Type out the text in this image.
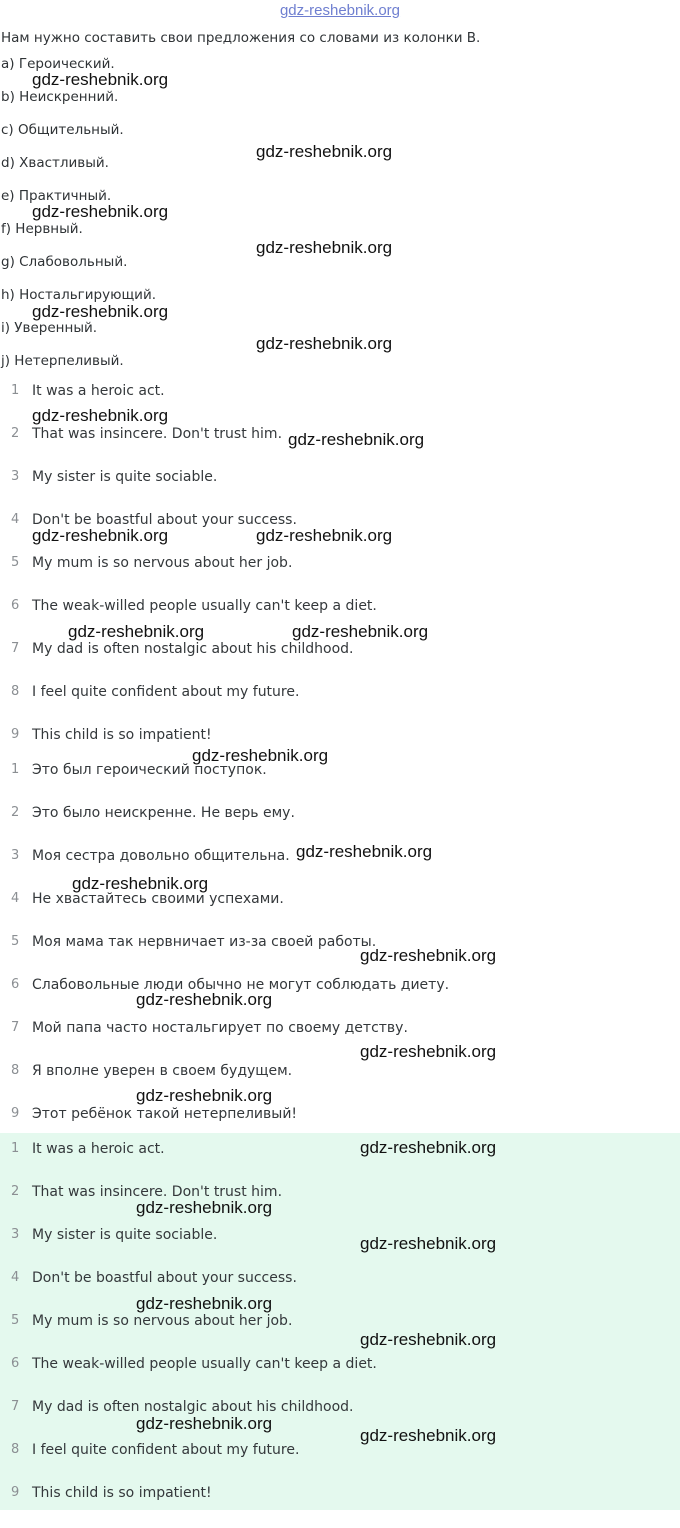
gdz-reshebnik.org
Нам нужно составить свои предложения со словами из колонки B.
a) Героический.
b) Неискренний.
c) Общительный.
d) Хвастливый.
e) Практичный.
f) Нервный.
g) Слабовольный.
h) Ностальгирующий.
i) Уверенный.
j) Нетерпеливый.
1 It was a heroic act.
2 That was insincere. Don't trust him.
3 My sister is quite sociable.
4 Don't be boastful about your success.
5 My mum is so nervous about her job.
6 The weak-willed people usually can't keep a diet.
7 My dad is often nostalgic about his childhood.
8 I feel quite confident about my future.
9 This child is so impatient!
1 Это был героический поступок.
2 Это было неискренне. Не верь ему.
3 Моя сестра довольно общительна.
4 Не хвастайтесь своими успехами.
5 Моя мама так нервничает из-за своей работы.
6 Слабовольные люди обычно не могут соблюдать диету.
7 Мой папа часто ностальгирует по своему детству.
8 Я вполне уверен в своем будущем.
9 Этот ребёнок такой нетерпеливый!
1 It was a heroic act.
2 That was insincere. Don't trust him.
3 My sister is quite sociable.
4 Don't be boastful about your success.
5 My mum is so nervous about her job.
6 The weak-willed people usually can't keep a diet.
7 My dad is often nostalgic about his childhood.
8 I feel quite confident about my future.
9 This child is so impatient!
gdz-reshebnik.org
gdz-reshebnik.org
gdz-reshebnik.org
gdz-reshebnik.org
gdz-reshebnik.org
gdz-reshebnik.org
gdz-reshebnik.org
gdz-reshebnik.org
gdz-reshebnik.org	gdz-reshebnik.org
gdz-reshebnik.org	gdz-reshebnik.org
gdz-reshebnik.org
gdz-reshebnik.org
gdz-reshebnik.org
gdz-reshebnik.org
gdz-reshebnik.org
gdz-reshebnik.org
gdz-reshebnik.org
gdz-reshebnik.org
gdz-reshebnik.org
gdz-reshebnik.org
gdz-reshebnik.org
gdz-reshebnik.org
gdz-reshebnik.org
gdz-reshebnik.org
